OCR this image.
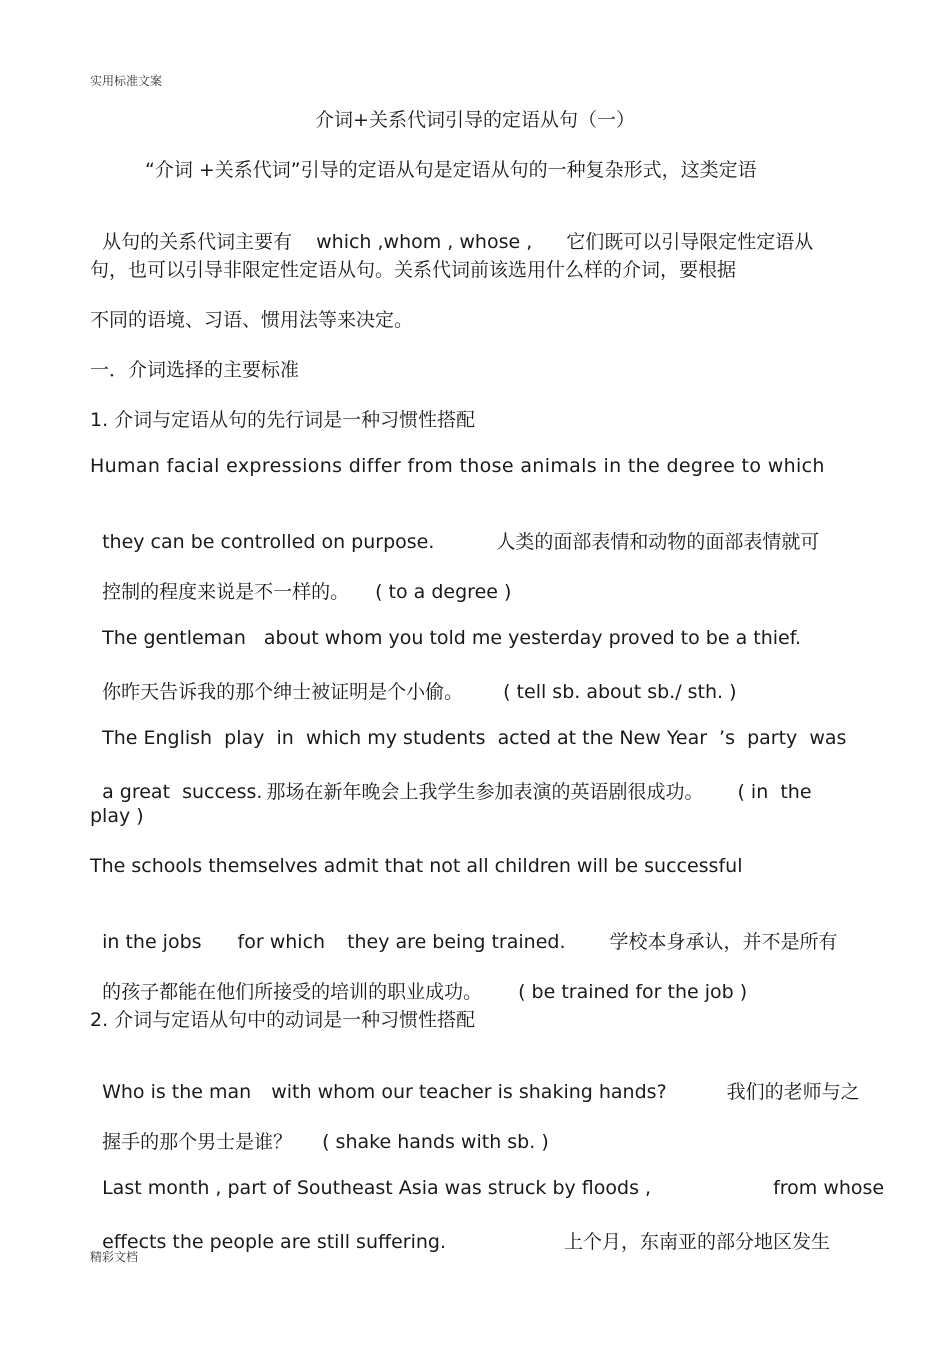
实用标准文案
介词+关系代词引导的定语从句（一）
“介词 +关系代词”引导的定语从句是定语从句的一种复杂形式，这类定语

从句的关系代词主要有 which ,whom , whose , 它们既可以引导限定性定语从

句，也可以引导非限定性定语从句。关系代词前该选用什么样的介词，要根据
不同的语境、习语、惯用法等来决定。
一．介词选择的主要标准
1. 介词与定语从句的先行词是一种习惯性搭配
Human facial expressions differ from those animals in the degree to which

they can be controlled on purpose.	人类的面部表情和动物的面部表情就可

控制的程度来说是不一样的。 ( to a degree )

The gentleman about whom you told me yesterday proved to be a thief.

你昨天告诉我的那个绅士被证明是个小偷。 ( tell sb. about sb./ sth. )

The English  play  in  which my students  acted at the New Year ’s  party  was

a great  success. 那场在新年晚会上我学生参加表演的英语剧很成功。 ( in  the

play )
The schools themselves admit that not all children will be successful

in the jobs for which they are being trained. 学校本身承认，并不是所有

的孩子都能在他们所接受的培训的职业成功。 ( be trained for the job )

2. 介词与定语从句中的动词是一种习惯性搭配

Who is the man with whom our teacher is shaking hands?	我们的老师与之

握手的那个男士是谁？ ( shake hands with sb. )

Last month , part of Southeast Asia was struck by floods ,	from whose

effects the people are still suffering.	上个月，东南亚的部分地区发生

精彩文档
